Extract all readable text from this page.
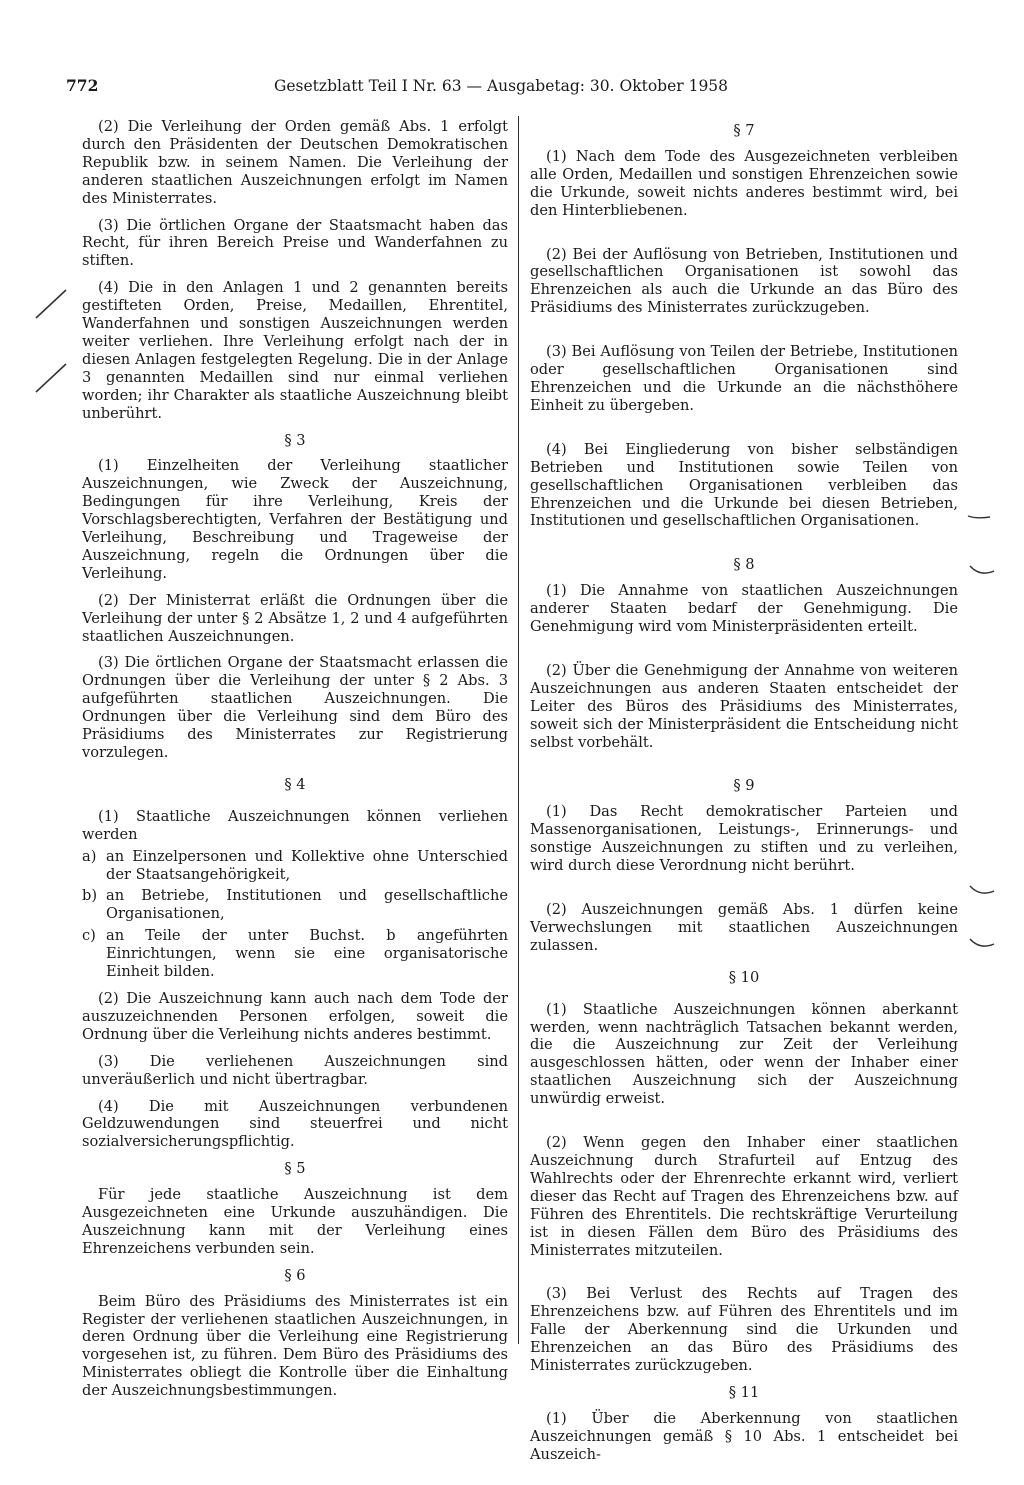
772	Gesetzblatt Teil I Nr. 63 — Ausgabetag: 30. Oktober 1958

(2) Die Verleihung der Orden gemäß Abs. 1 erfolgt durch den Präsidenten der Deutschen Demokratischen Republik bzw. in seinem Namen. Die Verleihung der anderen staatlichen Auszeichnungen erfolgt im Namen des Ministerrates.

(3) Die örtlichen Organe der Staatsmacht haben das Recht, für ihren Bereich Preise und Wanderfahnen zu stiften.

(4) Die in den Anlagen 1 und 2 genannten bereits gestifteten Orden, Preise, Medaillen, Ehrentitel, Wanderfahnen und sonstigen Auszeichnungen werden weiter verliehen. Ihre Verleihung erfolgt nach der in diesen Anlagen festgelegten Regelung. Die in der Anlage 3 genannten Medaillen sind nur einmal verliehen worden; ihr Charakter als staatliche Auszeichnung bleibt unberührt.

§ 3

(1) Einzelheiten der Verleihung staatlicher Auszeichnungen, wie Zweck der Auszeichnung, Bedingungen für ihre Verleihung, Kreis der Vorschlagsberechtigten, Verfahren der Bestätigung und Verleihung, Beschreibung und Trageweise der Auszeichnung, regeln die Ordnungen über die Verleihung.

(2) Der Ministerrat erläßt die Ordnungen über die Verleihung der unter § 2 Absätze 1, 2 und 4 aufgeführten staatlichen Auszeichnungen.

(3) Die örtlichen Organe der Staatsmacht erlassen die Ordnungen über die Verleihung der unter § 2 Abs. 3 aufgeführten staatlichen Auszeichnungen. Die Ordnungen über die Verleihung sind dem Büro des Präsidiums des Ministerrates zur Registrierung vorzulegen.

§ 4

(1) Staatliche Auszeichnungen können verliehen werden

a) an Einzelpersonen und Kollektive ohne Unterschied der Staatsangehörigkeit,
b) an Betriebe, Institutionen und gesellschaftliche Organisationen,
c) an Teile der unter Buchst. b angeführten Einrichtungen, wenn sie eine organisatorische Einheit bilden.

(2) Die Auszeichnung kann auch nach dem Tode der auszuzeichnenden Personen erfolgen, soweit die Ordnung über die Verleihung nichts anderes bestimmt.

(3) Die verliehenen Auszeichnungen sind unveräußerlich und nicht übertragbar.

(4) Die mit Auszeichnungen verbundenen Geldzuwendungen sind steuerfrei und nicht sozialversicherungspflichtig.

§ 5

Für jede staatliche Auszeichnung ist dem Ausgezeichneten eine Urkunde auszuhändigen. Die Auszeichnung kann mit der Verleihung eines Ehrenzeichens verbunden sein.

§ 6

Beim Büro des Präsidiums des Ministerrates ist ein Register der verliehenen staatlichen Auszeichnungen, in deren Ordnung über die Verleihung eine Registrierung vorgesehen ist, zu führen. Dem Büro des Präsidiums des Ministerrates obliegt die Kontrolle über die Einhaltung der Auszeichnungsbestimmungen.

§ 7

(1) Nach dem Tode des Ausgezeichneten verbleiben alle Orden, Medaillen und sonstigen Ehrenzeichen sowie die Urkunde, soweit nichts anderes bestimmt wird, bei den Hinterbliebenen.

(2) Bei der Auflösung von Betrieben, Institutionen und gesellschaftlichen Organisationen ist sowohl das Ehrenzeichen als auch die Urkunde an das Büro des Präsidiums des Ministerrates zurückzugeben.

(3) Bei Auflösung von Teilen der Betriebe, Institutionen oder gesellschaftlichen Organisationen sind Ehrenzeichen und die Urkunde an die nächsthöhere Einheit zu übergeben.

(4) Bei Eingliederung von bisher selbständigen Betrieben und Institutionen sowie Teilen von gesellschaftlichen Organisationen verbleiben das Ehrenzeichen und die Urkunde bei diesen Betrieben, Institutionen und gesellschaftlichen Organisationen.

§ 8

(1) Die Annahme von staatlichen Auszeichnungen anderer Staaten bedarf der Genehmigung. Die Genehmigung wird vom Ministerpräsidenten erteilt.

(2) Über die Genehmigung der Annahme von weiteren Auszeichnungen aus anderen Staaten entscheidet der Leiter des Büros des Präsidiums des Ministerrates, soweit sich der Ministerpräsident die Entscheidung nicht selbst vorbehält.

§ 9

(1) Das Recht demokratischer Parteien und Massenorganisationen, Leistungs-, Erinnerungs- und sonstige Auszeichnungen zu stiften und zu verleihen, wird durch diese Verordnung nicht berührt.

(2) Auszeichnungen gemäß Abs. 1 dürfen keine Verwechslungen mit staatlichen Auszeichnungen zulassen.

§ 10

(1) Staatliche Auszeichnungen können aberkannt werden, wenn nachträglich Tatsachen bekannt werden, die die Auszeichnung zur Zeit der Verleihung ausgeschlossen hätten, oder wenn der Inhaber einer staatlichen Auszeichnung sich der Auszeichnung unwürdig erweist.

(2) Wenn gegen den Inhaber einer staatlichen Auszeichnung durch Strafurteil auf Entzug des Wahlrechts oder der Ehrenrechte erkannt wird, verliert dieser das Recht auf Tragen des Ehrenzeichens bzw. auf Führen des Ehrentitels. Die rechtskräftige Verurteilung ist in diesen Fällen dem Büro des Präsidiums des Ministerrates mitzuteilen.

(3) Bei Verlust des Rechts auf Tragen des Ehrenzeichens bzw. auf Führen des Ehrentitels und im Falle der Aberkennung sind die Urkunden und Ehrenzeichen an das Büro des Präsidiums des Ministerrates zurückzugeben.

§ 11

(1) Über die Aberkennung von staatlichen Auszeichnungen gemäß § 10 Abs. 1 entscheidet bei Auszeich-
